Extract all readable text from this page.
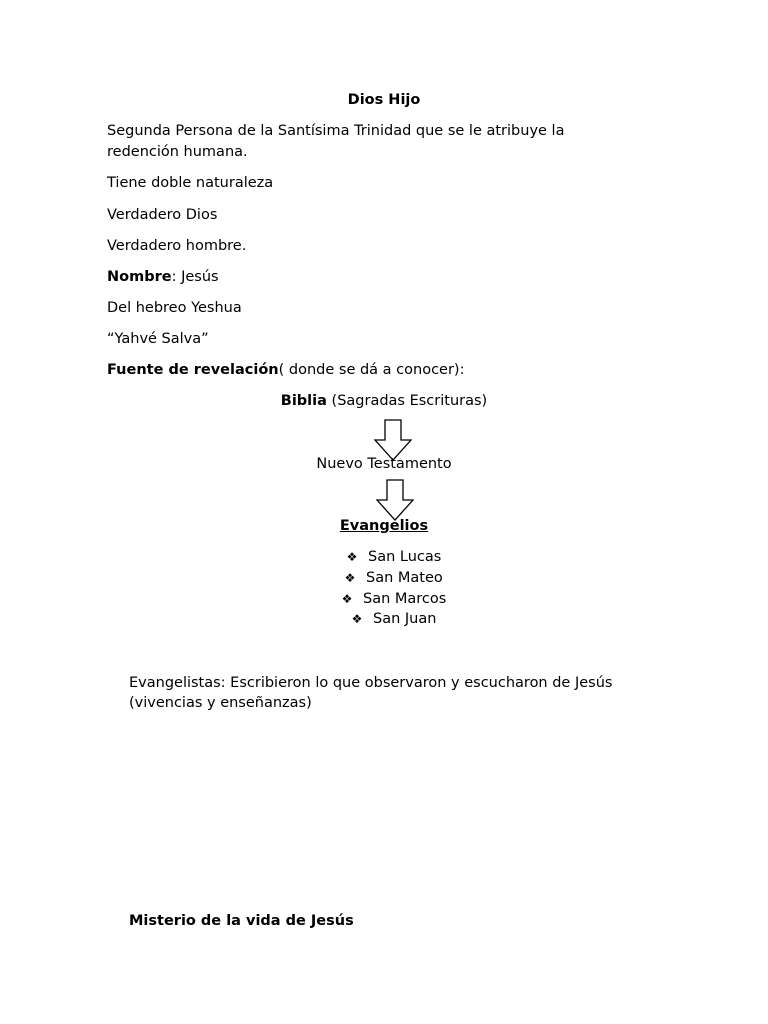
Dios Hijo
Segunda Persona de la Santísima Trinidad que se le atribuye la
redención humana.
Tiene doble naturaleza
Verdadero Dios
Verdadero hombre.
Nombre: Jesús
Del hebreo Yeshua
“Yahvé Salva”
Fuente de revelación( donde se dá a conocer):
Biblia (Sagradas Escrituras)
Nuevo Testamento
Evangelios
❖ San Lucas
❖ San Mateo
❖ San Marcos
❖ San Juan
Evangelistas: Escribieron lo que observaron y escucharon de Jesús
(vivencias y enseñanzas)
Misterio de la vida de Jesús
